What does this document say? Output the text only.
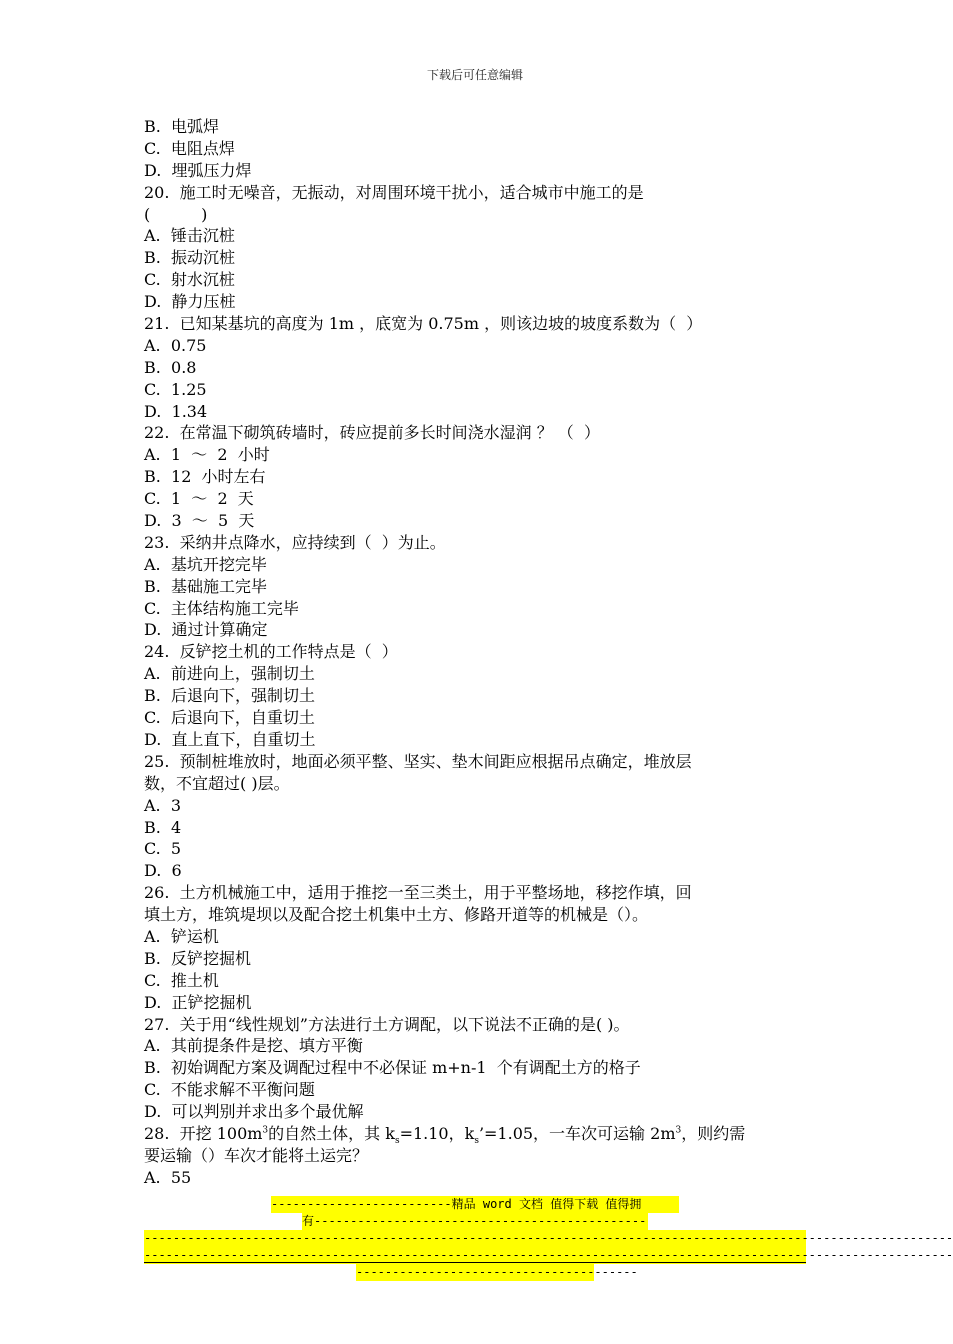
下载后可任意编辑
B.  电弧焊
C.  电阻点焊
D.  埋弧压力焊
20.  施工时无噪音，无振动，对周围环境干扰小，适合城市中施工的是
(          )
A.  锤击沉桩
B.  振动沉桩
C.  射水沉桩
D.  静力压桩
21.  已知某基坑的高度为 1m ，底宽为 0.75m ，则该边坡的坡度系数为（  ）
A.  0.75
B.  0.8
C.  1.25
D.  1.34
22.  在常温下砌筑砖墙时，砖应提前多长时间浇水湿润 ？ （  ）
A.  1  ～  2  小时
B.  12  小时左右
C.  1  ～  2  天
D.  3  ～  5  天
23.  采纳井点降水，应持续到（  ）为止。
A.  基坑开挖完毕
B.  基础施工完毕
C.  主体结构施工完毕
D.  通过计算确定
24.  反铲挖土机的工作特点是（  ）
A.  前进向上，强制切土
B.  后退向下，强制切土
C.  后退向下，自重切土
D.  直上直下，自重切土
25.  预制桩堆放时，地面必须平整、坚实、垫木间距应根据吊点确定，堆放层
数，不宜超过( )层。
A.  3
B.  4
C.  5
D.  6
26.  土方机械施工中，适用于推挖一至三类土，用于平整场地，移挖作填，回
填土方，堆筑堤坝以及配合挖土机集中土方、修路开道等的机械是（）。
A.  铲运机
B.  反铲挖掘机
C.  推土机
D.  正铲挖掘机
27.  关于用“线性规划”方法进行土方调配，以下说法不正确的是( )。
A.  其前提条件是挖、填方平衡
B.  初始调配方案及调配过程中不必保证 m+n-1  个有调配土方的格子
C.  不能求解不平衡问题
D.  可以判别并求出多个最优解
28.  开挖 $100m^3$的自然土体，其 $k_s=1.10$，$k_s’=1.05$，一车次可运输 $2m^3$，则约需
要运输（）车次才能将土运完？
A.  55
-------------------------精品 word 文档 值得下载 值得拥
有----------------------------------------------
----------------------------------------------------------------------------------------------------------------
----------------------------------------------------------------------------------------------------------------
---------------------------------------
